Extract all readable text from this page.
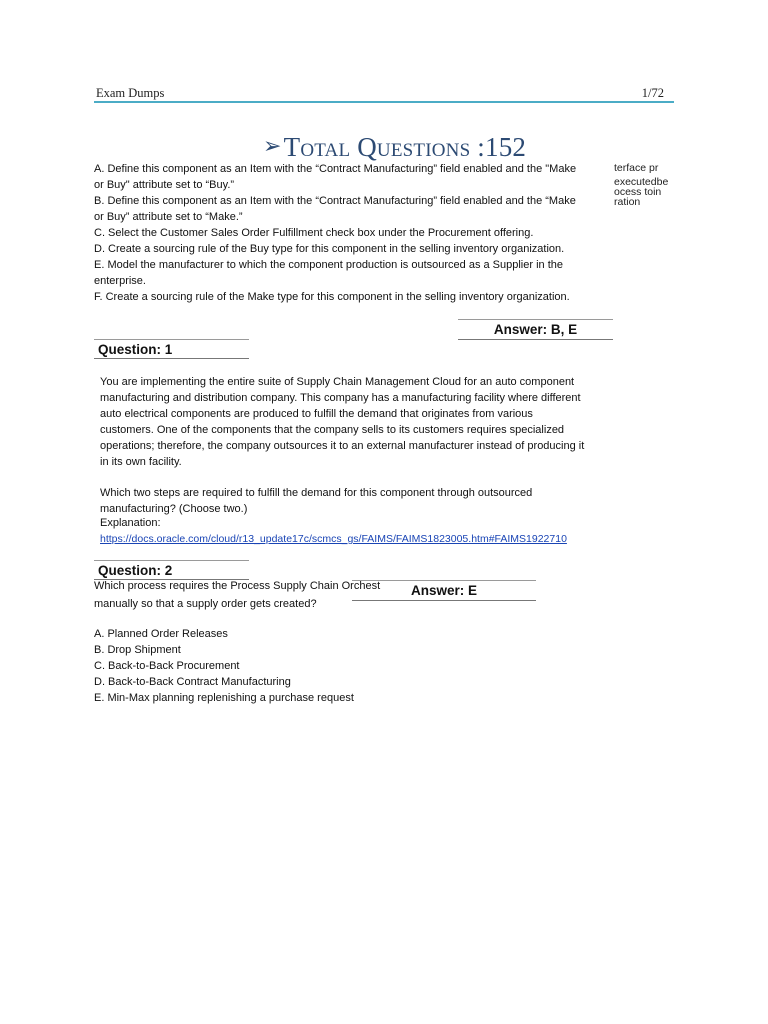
Exam Dumps	1/72
➢Total Questions :152
A. Define this component as an Item with the “Contract Manufacturing” field enabled and the "Make
or Buy" attribute set to “Buy.”
B. Define this component as an Item with the “Contract Manufacturing” field enabled and the “Make
or Buy” attribute set to “Make.”
C. Select the Customer Sales Order Fulfillment check box under the Procurement offering.
D. Create a sourcing rule of the Buy type for this component in the selling inventory organization.
E. Model the manufacturer to which the component production is outsourced as a Supplier in the
enterprise.
F. Create a sourcing rule of the Make type for this component in the selling inventory organization.
terface pr
executedbe
ocess toin
ration
Answer: B, E
Question: 1
You are implementing the entire suite of Supply Chain Management Cloud for an auto component
manufacturing and distribution company. This company has a manufacturing facility where different
auto electrical components are produced to fulfill the demand that originates from various
customers. One of the components that the company sells to its customers requires specialized
operations; therefore, the company outsources it to an external manufacturer instead of producing it
in its own facility.
Which two steps are required to fulfill the demand for this component through outsourced
manufacturing? (Choose two.)
Explanation:
https://docs.oracle.com/cloud/r13_update17c/scmcs_gs/FAIMS/FAIMS1823005.htm#FAIMS1922710
Question: 2
Which process requires the Process Supply Chain Orchest
manually so that a supply order gets created?
Answer: E
A. Planned Order Releases
B. Drop Shipment
C. Back-to-Back Procurement
D. Back-to-Back Contract Manufacturing
E. Min-Max planning replenishing a purchase request
